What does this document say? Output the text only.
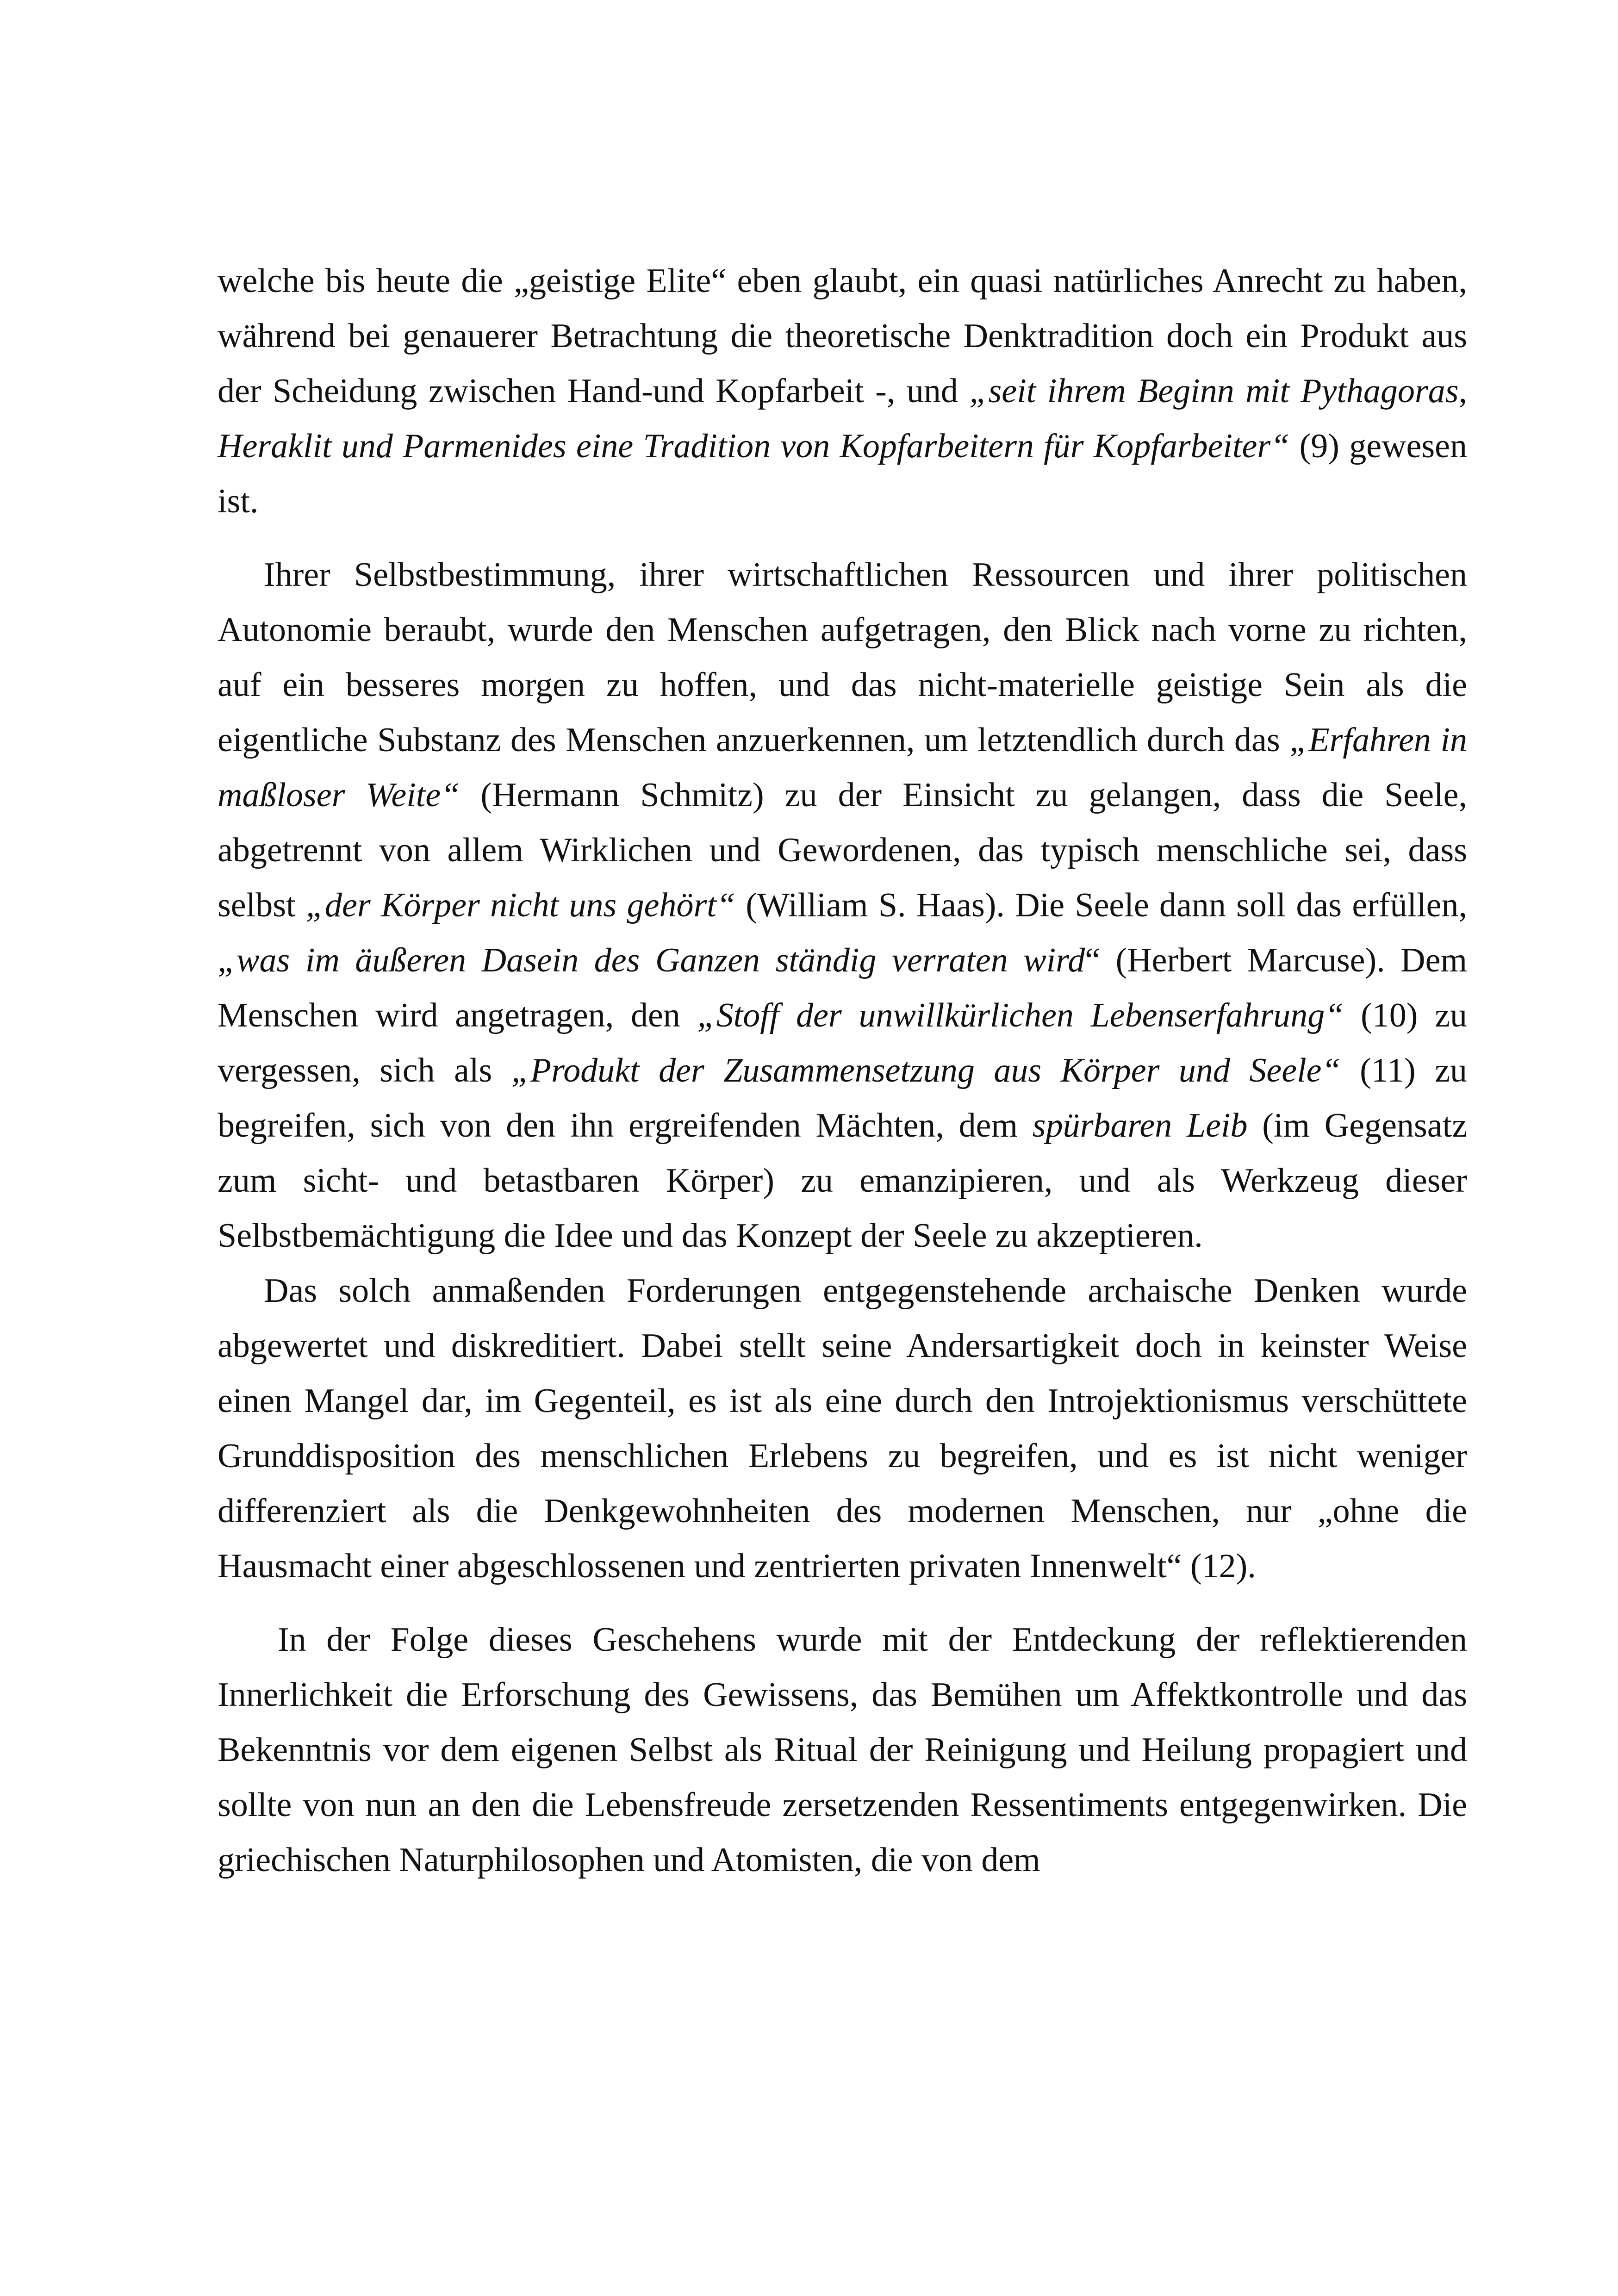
welche bis heute die „geistige Elite“ eben glaubt, ein quasi natürliches Anrecht zu haben, während bei genauerer Betrachtung die theoretische Denktradition doch ein Produkt aus der Scheidung zwischen Hand-und Kopfarbeit -, und „seit ihrem Beginn mit Pythagoras, Heraklit und Parmenides eine Tradition von Kopfarbeitern für Kopfarbeiter“ (9) gewesen ist.

Ihrer Selbstbestimmung, ihrer wirtschaftlichen Ressourcen und ihrer politischen Autonomie beraubt, wurde den Menschen aufgetragen, den Blick nach vorne zu richten, auf ein besseres morgen zu hoffen, und das nicht-materielle geistige Sein als die eigentliche Substanz des Menschen anzuerkennen, um letztendlich durch das „Erfahren in maßloser Weite“ (Hermann Schmitz) zu der Einsicht zu gelangen, dass die Seele, abgetrennt von allem Wirklichen und Gewordenen, das typisch menschliche sei, dass selbst „der Körper nicht uns gehört“ (William S. Haas). Die Seele dann soll das erfüllen, „was im äußeren Dasein des Ganzen ständig verraten wird“ (Herbert Marcuse). Dem Menschen wird angetragen, den „Stoff der unwillkürlichen Lebenserfahrung“ (10) zu vergessen, sich als „Produkt der Zusammensetzung aus Körper und Seele“ (11) zu begreifen, sich von den ihn ergreifenden Mächten, dem spürbaren Leib (im Gegensatz zum sicht- und betastbaren Körper) zu emanzipieren, und als Werkzeug dieser Selbstbemächtigung die Idee und das Konzept der Seele zu akzeptieren.

Das solch anmaßenden Forderungen entgegenstehende archaische Denken wurde abgewertet und diskreditiert. Dabei stellt seine Andersartigkeit doch in keinster Weise einen Mangel dar, im Gegenteil, es ist als eine durch den Introjektionismus verschüttete Grunddisposition des menschlichen Erlebens zu begreifen, und es ist nicht weniger differenziert als die Denkgewohnheiten des modernen Menschen, nur „ohne die Hausmacht einer abgeschlossenen und zentrierten privaten Innenwelt“ (12).

In der Folge dieses Geschehens wurde mit der Entdeckung der reflektierenden Innerlichkeit die Erforschung des Gewissens, das Bemühen um Affektkontrolle und das Bekenntnis vor dem eigenen Selbst als Ritual der Reinigung und Heilung propagiert und sollte von nun an den die Lebensfreude zersetzenden Ressentiments entgegenwirken. Die griechischen Naturphilosophen und Atomisten, die von dem
